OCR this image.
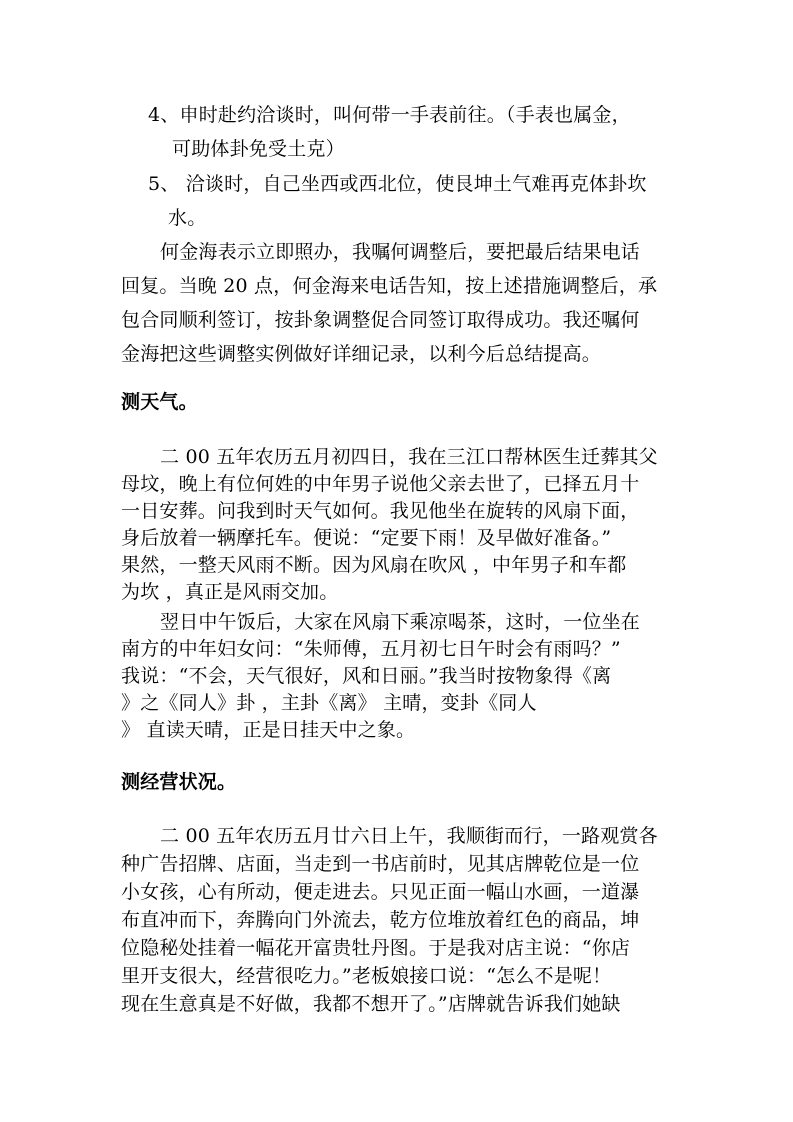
4、申时赴约洽谈时，叫何带一手表前往。（手表也属金，
可助体卦免受土克）
5、 洽谈时，自己坐西或西北位，使艮坤土气难再克体卦坎
水。
何金海表示立即照办，我嘱何调整后，要把最后结果电话
回复。当晚 20 点，何金海来电话告知，按上述措施调整后，承
包合同顺利签订，按卦象调整促合同签订取得成功。我还嘱何
金海把这些调整实例做好详细记录，以利今后总结提高。
测天气。
二 00 五年农历五月初四日，我在三江口帮林医生迁葬其父
母坟，晚上有位何姓的中年男子说他父亲去世了，已择五月十
一日安葬。问我到时天气如何。我见他坐在旋转的风扇下面，
身后放着一辆摩托车。便说：“定要下雨！及早做好准备。”
果然，一整天风雨不断。因为风扇在吹风 ，中年男子和车都
为坎 ，真正是风雨交加。
翌日中午饭后，大家在风扇下乘凉喝茶，这时，一位坐在
南方的中年妇女问：“朱师傅，五月初七日午时会有雨吗？”
我说：“不会，天气很好，风和日丽。”我当时按物象得《离
》之《同人》卦 ，主卦《离》 主晴，变卦《同人
》 直读天晴，正是日挂天中之象。
测经营状况。
二 00 五年农历五月廿六日上午，我顺街而行，一路观赏各
种广告招牌、店面，当走到一书店前时，见其店牌乾位是一位
小女孩，心有所动，便走进去。只见正面一幅山水画，一道瀑
布直冲而下，奔腾向门外流去，乾方位堆放着红色的商品，坤
位隐秘处挂着一幅花开富贵牡丹图。于是我对店主说：“你店
里开支很大，经营很吃力。”老板娘接口说：“怎么不是呢！
现在生意真是不好做，我都不想开了。”店牌就告诉我们她缺
